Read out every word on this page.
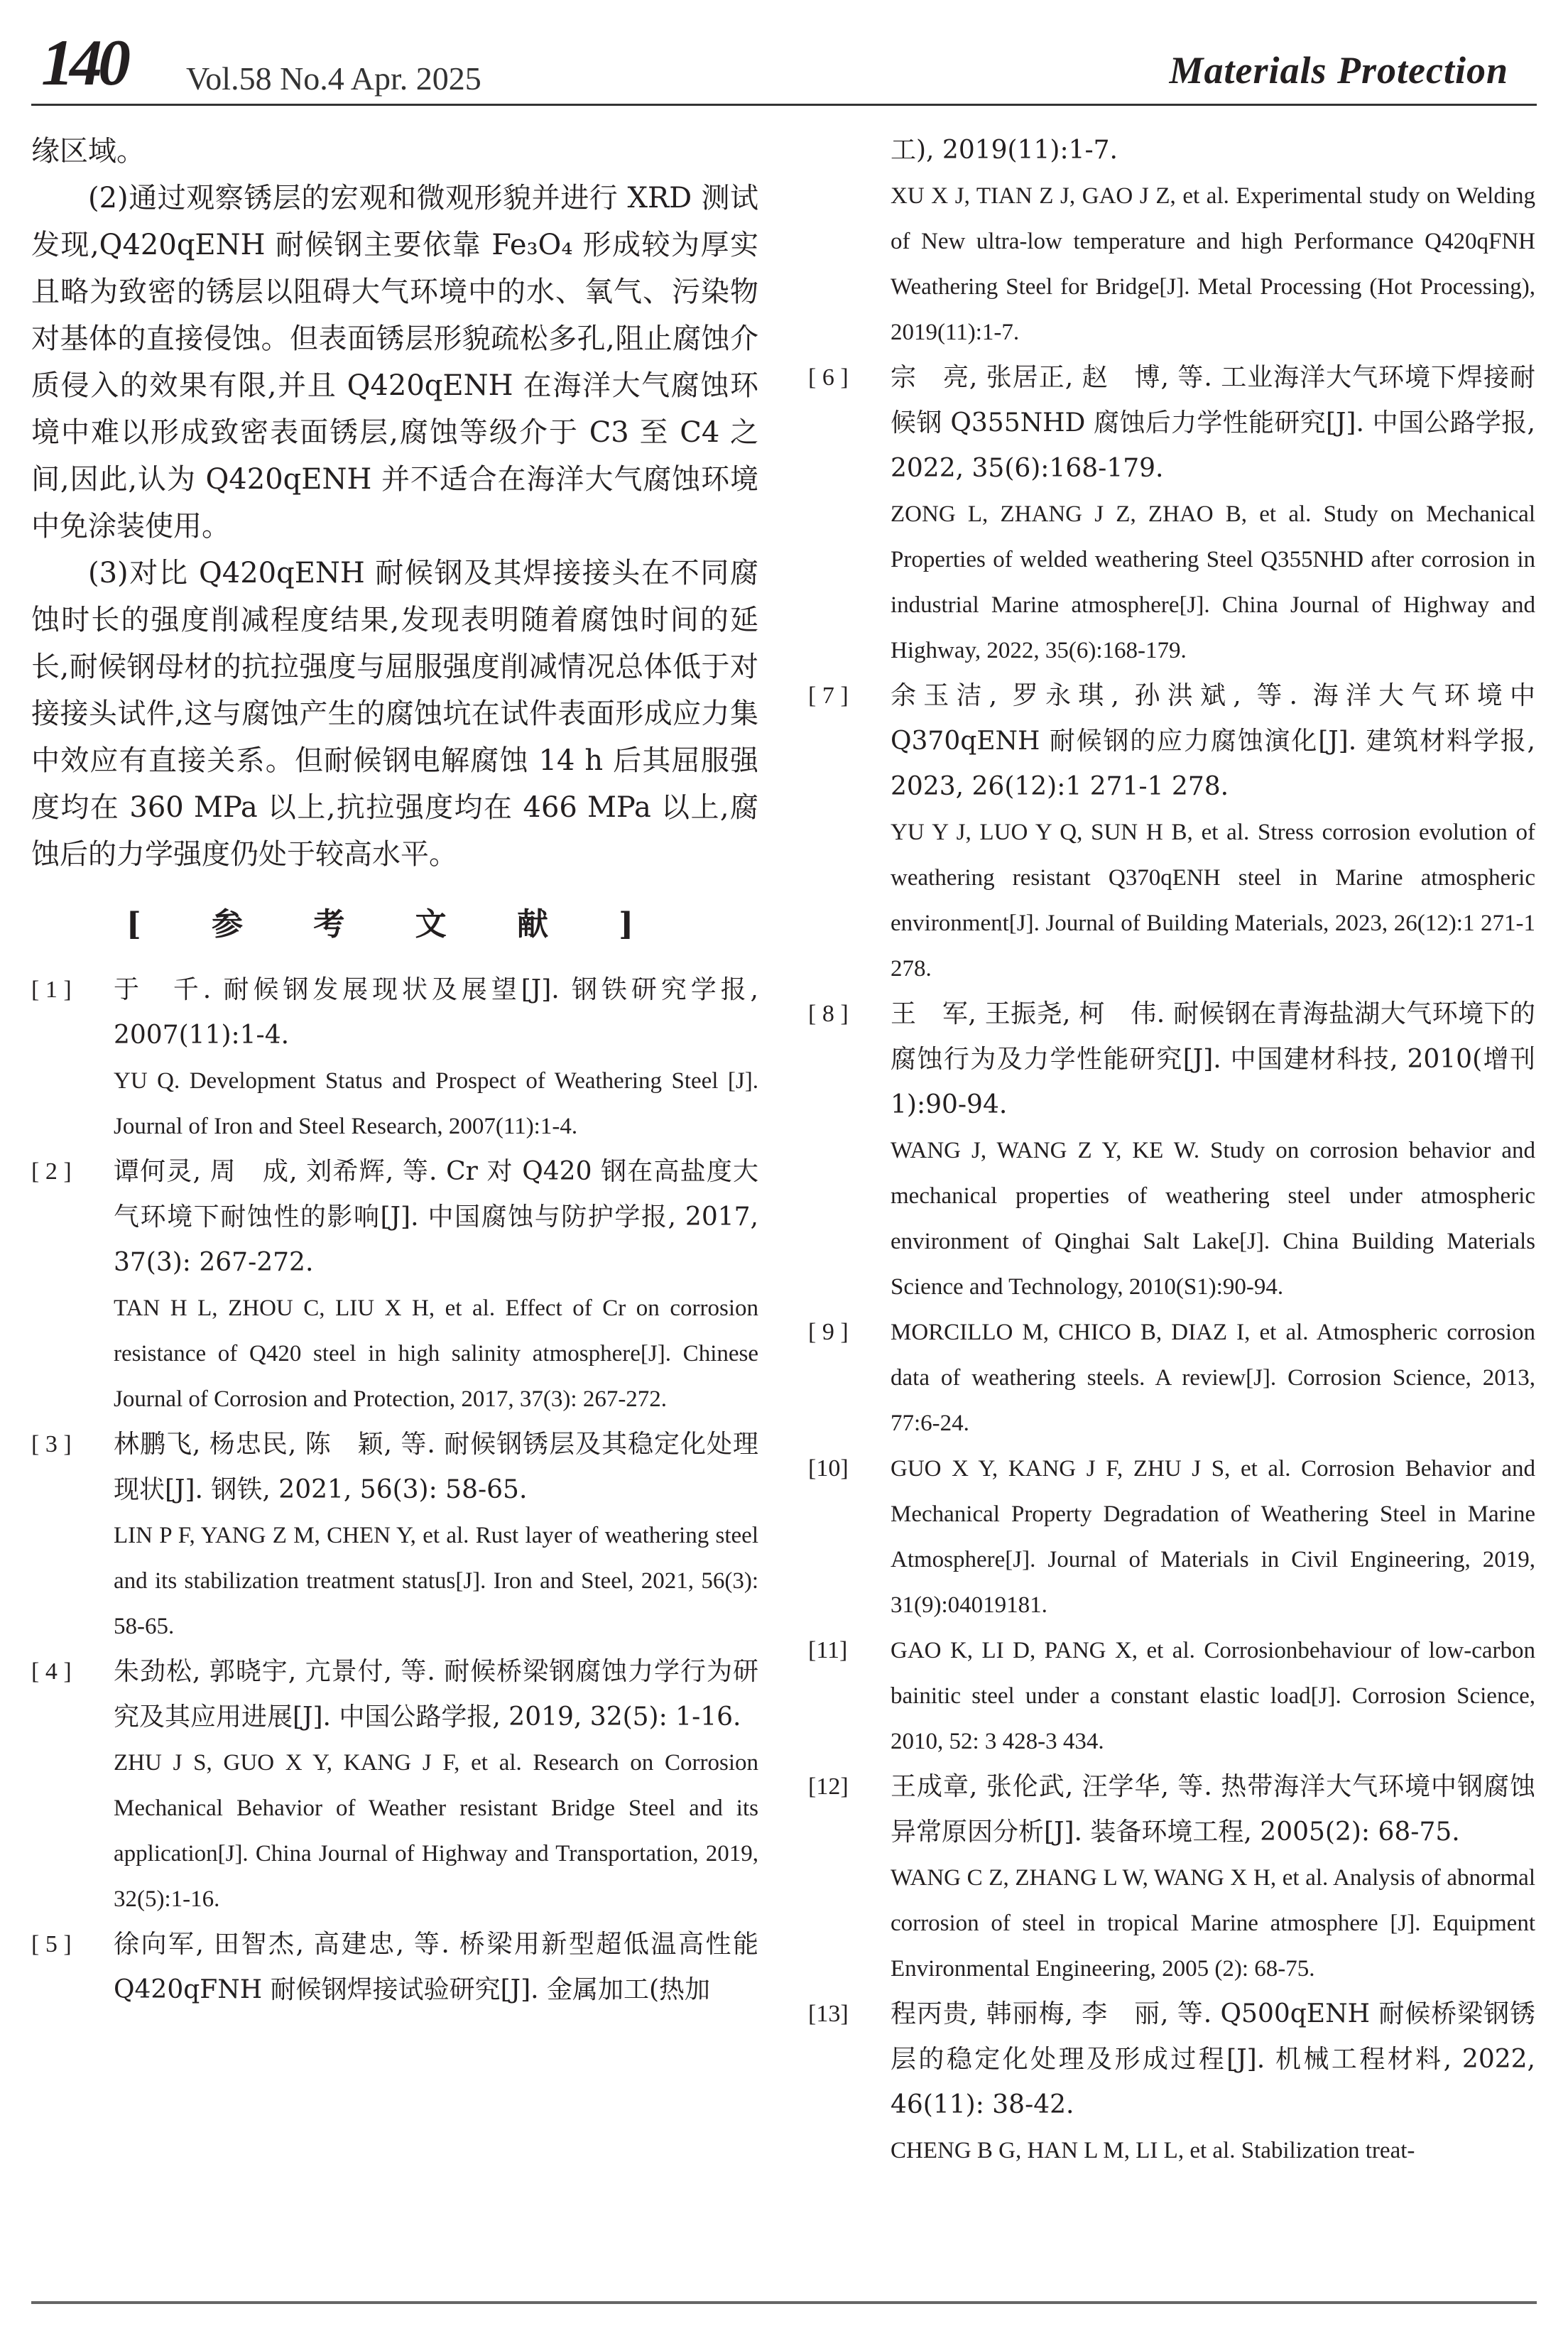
140 Vol.58 No.4 Apr. 2025	Materials Protection

缘区域。

(2)通过观察锈层的宏观和微观形貌并进行 XRD 测试发现,Q420qENH 耐候钢主要依靠 Fe₃O₄ 形成较为厚实且略为致密的锈层以阻碍大气环境中的水、氧气、污染物对基体的直接侵蚀。但表面锈层形貌疏松多孔,阻止腐蚀介质侵入的效果有限,并且 Q420qENH 在海洋大气腐蚀环境中难以形成致密表面锈层,腐蚀等级介于 C3 至 C4 之间,因此,认为 Q420qENH 并不适合在海洋大气腐蚀环境中免涂装使用。

(3)对比 Q420qENH 耐候钢及其焊接接头在不同腐蚀时长的强度削减程度结果,发现表明随着腐蚀时间的延长,耐候钢母材的抗拉强度与屈服强度削减情况总体低于对接接头试件,这与腐蚀产生的腐蚀坑在试件表面形成应力集中效应有直接关系。但耐候钢电解腐蚀 14 h 后其屈服强度均在 360 MPa 以上,抗拉强度均在 466 MPa 以上,腐蚀后的力学强度仍处于较高水平。

[ 参 考 文 献 ]
[ 1 ]	于　千. 耐候钢发展现状及展望[J]. 钢铁研究学报, 2007(11):1-4.

YU Q. Development Status and Prospect of Weathering Steel [J]. Journal of Iron and Steel Research, 2007(11):1-4.

[ 2 ]	谭何灵, 周　成, 刘希辉, 等. Cr 对 Q420 钢在高盐度大气环境下耐蚀性的影响[J]. 中国腐蚀与防护学报, 2017, 37(3): 267-272.

TAN H L, ZHOU C, LIU X H, et al. Effect of Cr on corrosion resistance of Q420 steel in high salinity atmosphere[J]. Chinese Journal of Corrosion and Protection, 2017, 37(3): 267-272.

[ 3 ]	林鹏飞, 杨忠民, 陈　颖, 等. 耐候钢锈层及其稳定化处理现状[J]. 钢铁, 2021, 56(3): 58-65.

LIN P F, YANG Z M, CHEN Y, et al. Rust layer of weathering steel and its stabilization treatment status[J]. Iron and Steel, 2021, 56(3): 58-65.

[ 4 ]	朱劲松, 郭晓宇, 亢景付, 等. 耐候桥梁钢腐蚀力学行为研究及其应用进展[J]. 中国公路学报, 2019, 32(5): 1-16.

ZHU J S, GUO X Y, KANG J F, et al. Research on Corrosion Mechanical Behavior of Weather resistant Bridge Steel and its application[J]. China Journal of Highway and Transportation, 2019, 32(5):1-16.

[ 5 ]	徐向军, 田智杰, 高建忠, 等. 桥梁用新型超低温高性能 Q420qFNH 耐候钢焊接试验研究[J]. 金属加工(热加

工), 2019(11):1-7.

XU X J, TIAN Z J, GAO J Z, et al. Experimental study on Welding of New ultra-low temperature and high Performance Q420qFNH Weathering Steel for Bridge[J]. Metal Processing (Hot Processing), 2019(11):1-7.

[ 6 ]	宗　亮, 张居正, 赵　博, 等. 工业海洋大气环境下焊接耐候钢 Q355NHD 腐蚀后力学性能研究[J]. 中国公路学报, 2022, 35(6):168-179.

ZONG L, ZHANG J Z, ZHAO B, et al. Study on Mechanical Properties of welded weathering Steel Q355NHD after corrosion in industrial Marine atmosphere[J]. China Journal of Highway and Highway, 2022, 35(6):168-179.

[ 7 ]	余玉洁, 罗永琪, 孙洪斌, 等. 海洋大气环境中 Q370qENH 耐候钢的应力腐蚀演化[J]. 建筑材料学报, 2023, 26(12):1 271-1 278.

YU Y J, LUO Y Q, SUN H B, et al. Stress corrosion evolution of weathering resistant Q370qENH steel in Marine atmospheric environment[J]. Journal of Building Materials, 2023, 26(12):1 271-1 278.

[ 8 ]	王　军, 王振尧, 柯　伟. 耐候钢在青海盐湖大气环境下的腐蚀行为及力学性能研究[J]. 中国建材科技, 2010(增刊 1):90-94.

WANG J, WANG Z Y, KE W. Study on corrosion behavior and mechanical properties of weathering steel under atmospheric environment of Qinghai Salt Lake[J]. China Building Materials Science and Technology, 2010(S1):90-94.

[ 9 ]	MORCILLO M, CHICO B, DIAZ I, et al. Atmospheric corrosion data of weathering steels. A review[J]. Corrosion Science, 2013, 77:6-24.

[10]	GUO X Y, KANG J F, ZHU J S, et al. Corrosion Behavior and Mechanical Property Degradation of Weathering Steel in Marine Atmosphere[J]. Journal of Materials in Civil Engineering, 2019, 31(9):04019181.

[11]	GAO K, LI D, PANG X, et al. Corrosionbehaviour of low-carbon bainitic steel under a constant elastic load[J]. Corrosion Science, 2010, 52: 3 428-3 434.

[12]	王成章, 张伦武, 汪学华, 等. 热带海洋大气环境中钢腐蚀异常原因分析[J]. 装备环境工程, 2005(2): 68-75.

WANG C Z, ZHANG L W, WANG X H, et al. Analysis of abnormal corrosion of steel in tropical Marine atmosphere [J]. Equipment Environmental Engineering, 2005 (2): 68-75.

[13]	程丙贵, 韩丽梅, 李　丽, 等. Q500qENH 耐候桥梁钢锈层的稳定化处理及形成过程[J]. 机械工程材料, 2022, 46(11): 38-42.

CHENG B G, HAN L M, LI L, et al. Stabilization treat-
